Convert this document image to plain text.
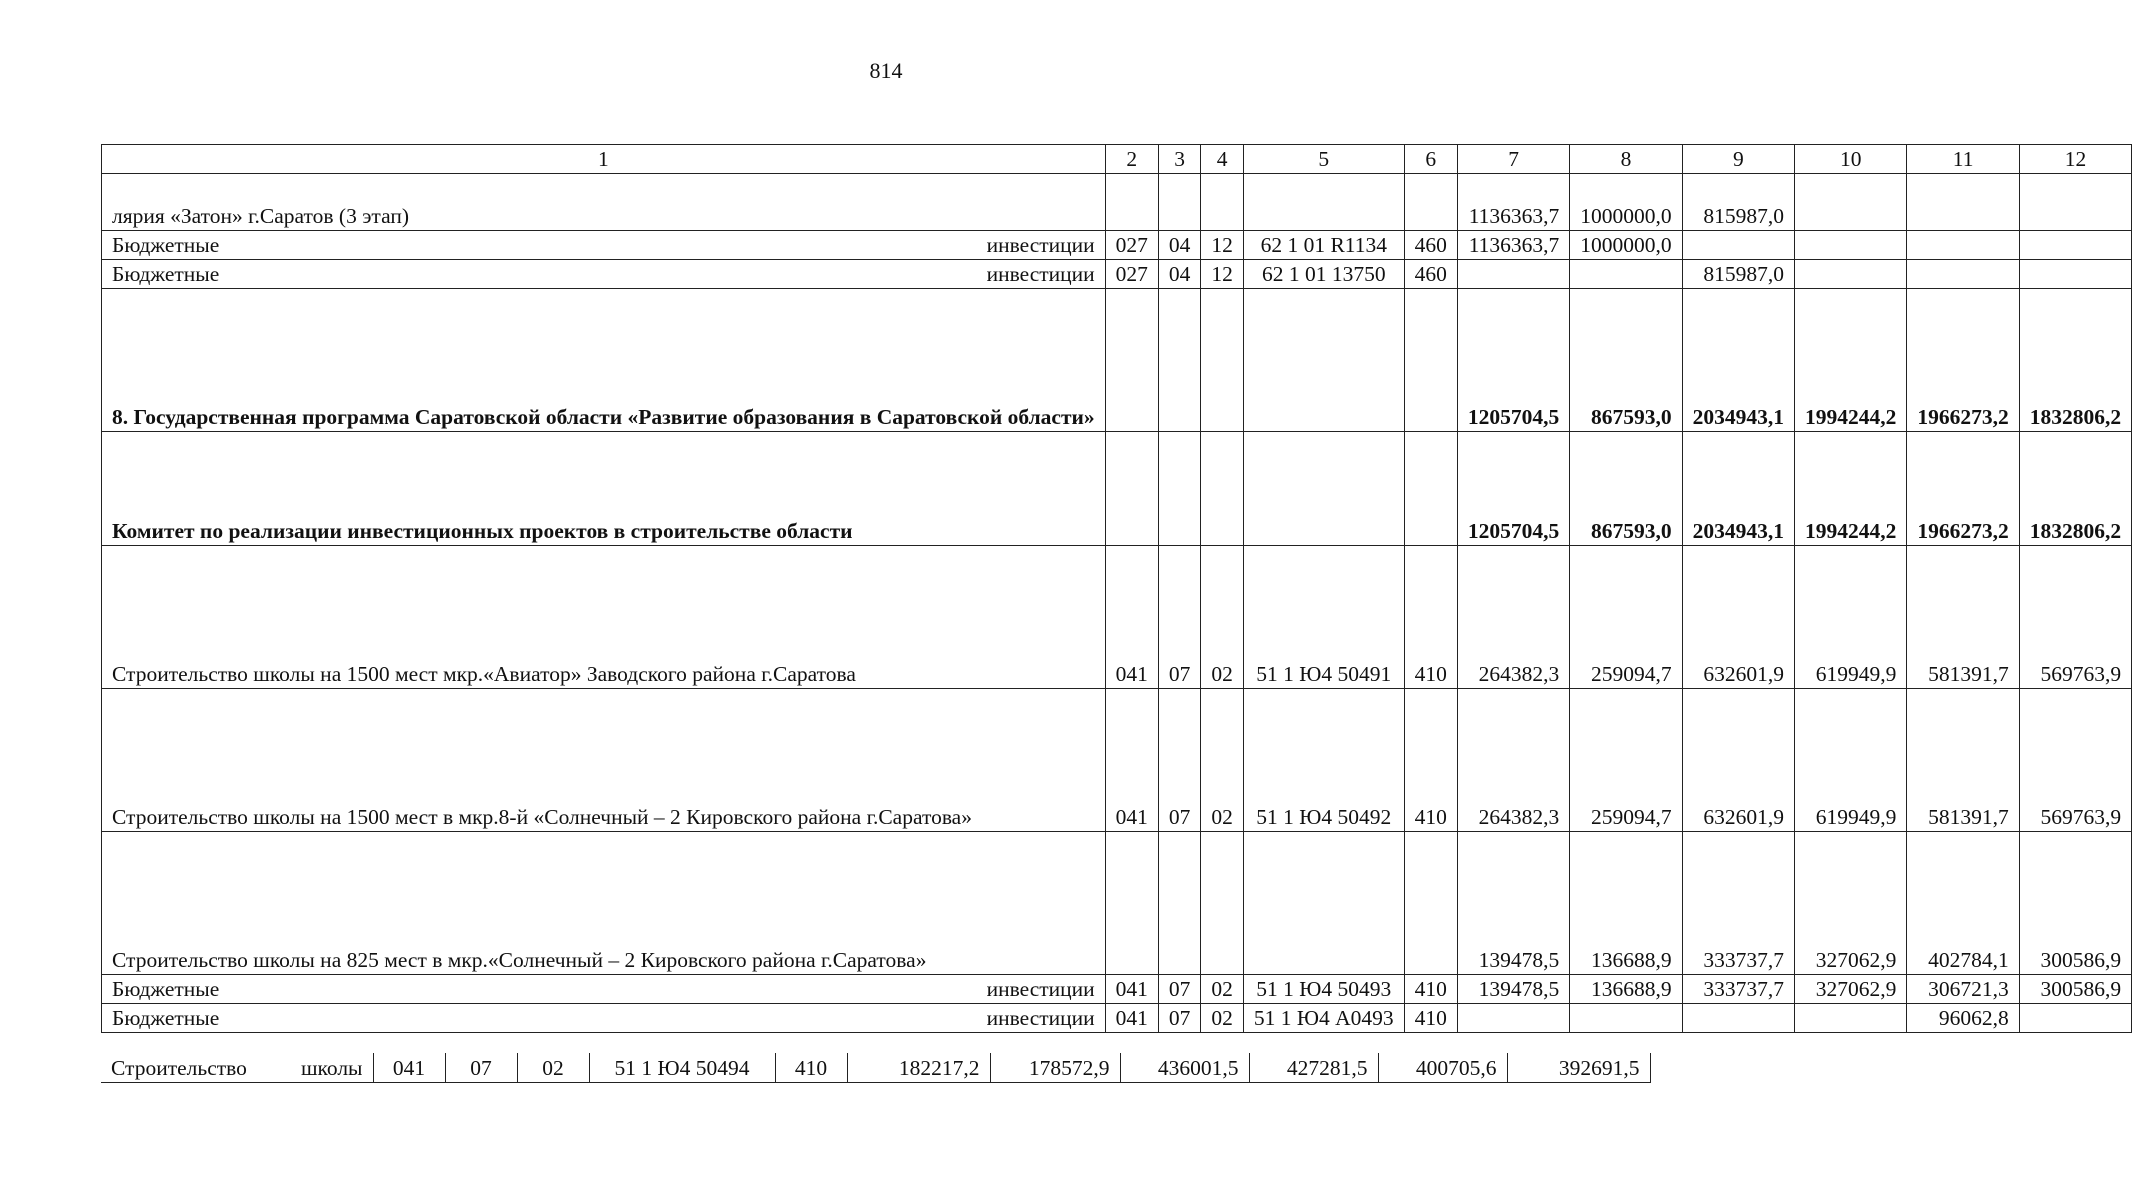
814
1	2	3	4	5	6	7	8	9	10	11	12
лярия «Затон» г.Саратов (3 этап)						1136363,7	1000000,0	815987,0			
Бюджетные инвестиции	027	04	12	62 1 01 R1134	460	1136363,7	1000000,0				
Бюджетные инвестиции	027	04	12	62 1 01 13750	460			815987,0			
8. Государственная программа Саратовской области «Развитие образования в Саратовской области»						1205704,5	867593,0	2034943,1	1994244,2	1966273,2	1832806,2
Комитет по реализации инвестиционных проектов в строительстве области						1205704,5	867593,0	2034943,1	1994244,2	1966273,2	1832806,2
Строительство школы на 1500 мест мкр.«Авиатор» Заводского района г.Саратова	041	07	02	51 1 Ю4 50491	410	264382,3	259094,7	632601,9	619949,9	581391,7	569763,9
Строительство школы на 1500 мест в мкр.8-й «Солнечный – 2 Кировского района г.Саратова»	041	07	02	51 1 Ю4 50492	410	264382,3	259094,7	632601,9	619949,9	581391,7	569763,9
Строительство школы на 825 мест в мкр.«Солнечный – 2 Кировского района г.Саратова»						139478,5	136688,9	333737,7	327062,9	402784,1	300586,9
Бюджетные инвестиции	041	07	02	51 1 Ю4 50493	410	139478,5	136688,9	333737,7	327062,9	306721,3	300586,9
Бюджетные инвестиции	041	07	02	51 1 Ю4 А0493	410					96062,8	
Строительство школы	041	07	02	51 1 Ю4 50494	410	182217,2	178572,9	436001,5	427281,5	400705,6	392691,5
